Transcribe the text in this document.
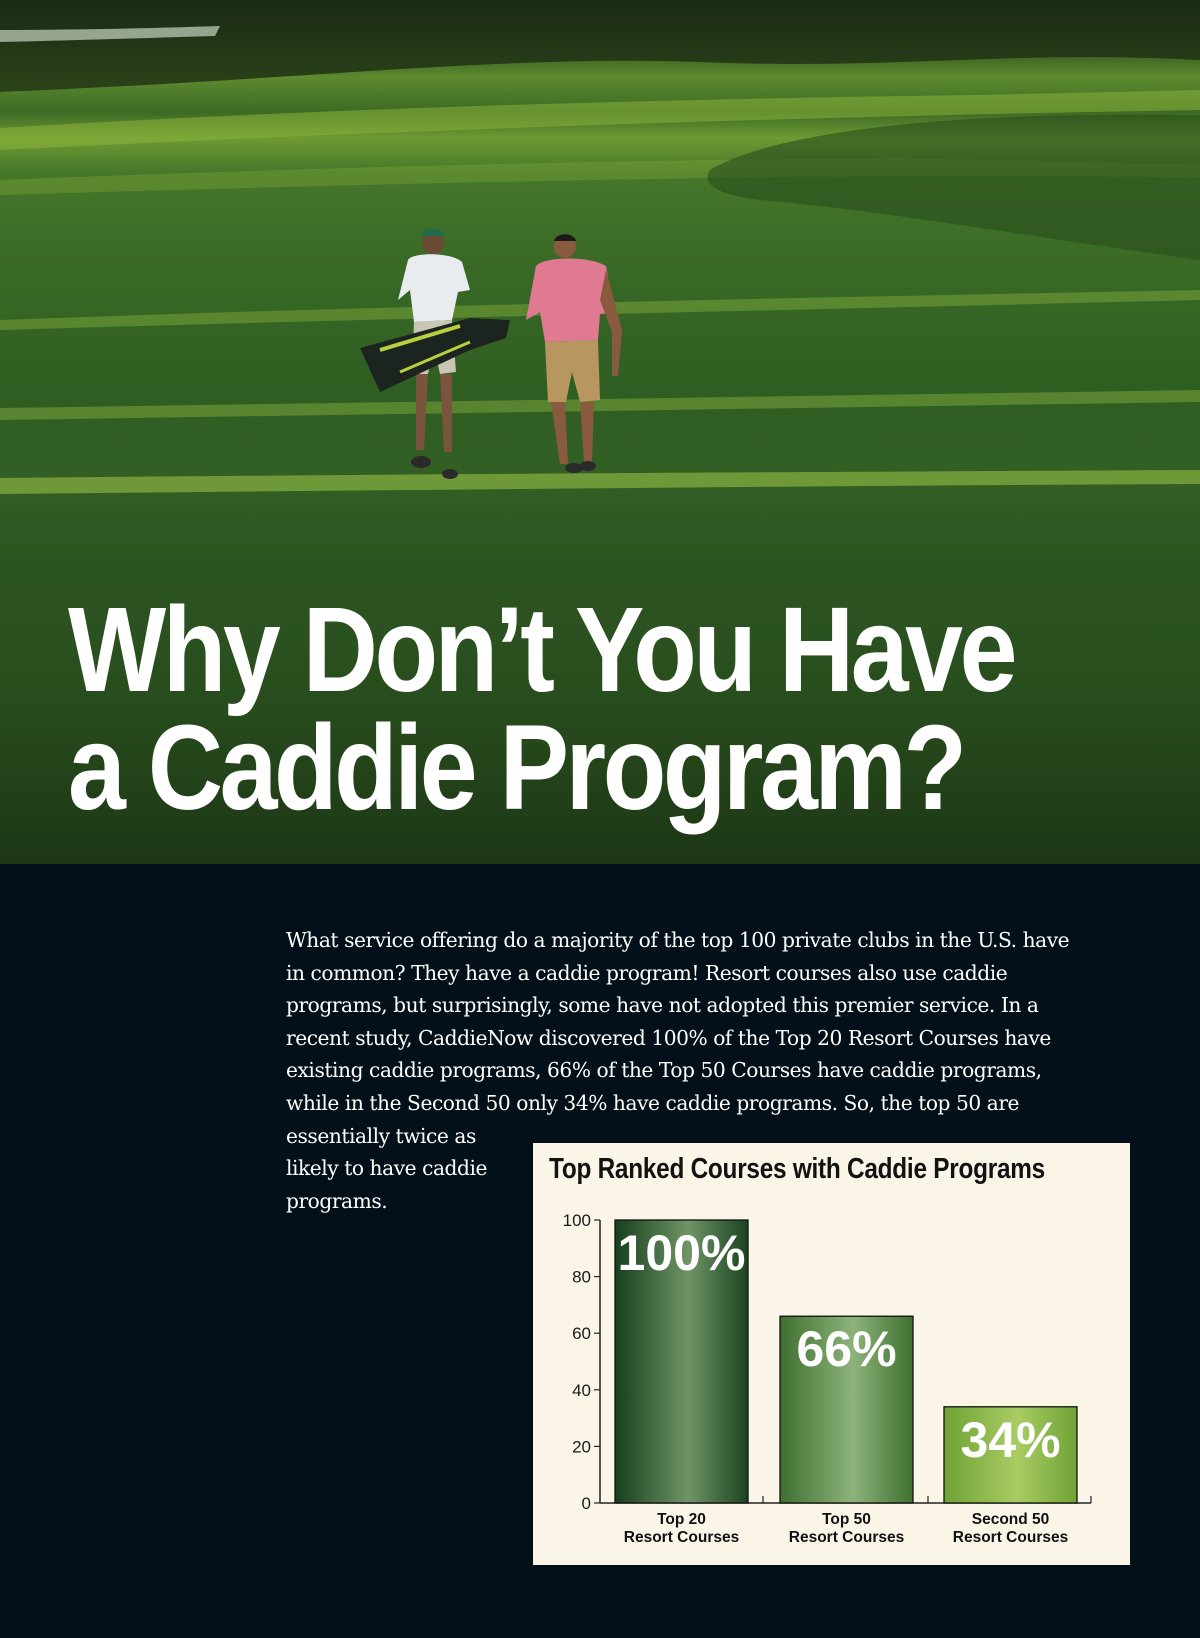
Why Don’t You Have
a Caddie Program?
What service offering do a majority of the top 100 private clubs in the U.S. have
in common? They have a caddie program! Resort courses also use caddie
programs, but surprisingly, some have not adopted this premier service. In a
recent study, CaddieNow discovered 100% of the Top 20 Resort Courses have
existing caddie programs, 66% of the Top 50 Courses have caddie programs,
while in the Second 50 only 34% have caddie programs. So, the top 50 are
essentially twice as
likely to have caddie
programs.
Top Ranked Courses with Caddie Programs
0
20
40
60
80
100
100%
Top 20
Resort Courses
66%
Top 50
Resort Courses
34%
Second 50
Resort Courses
